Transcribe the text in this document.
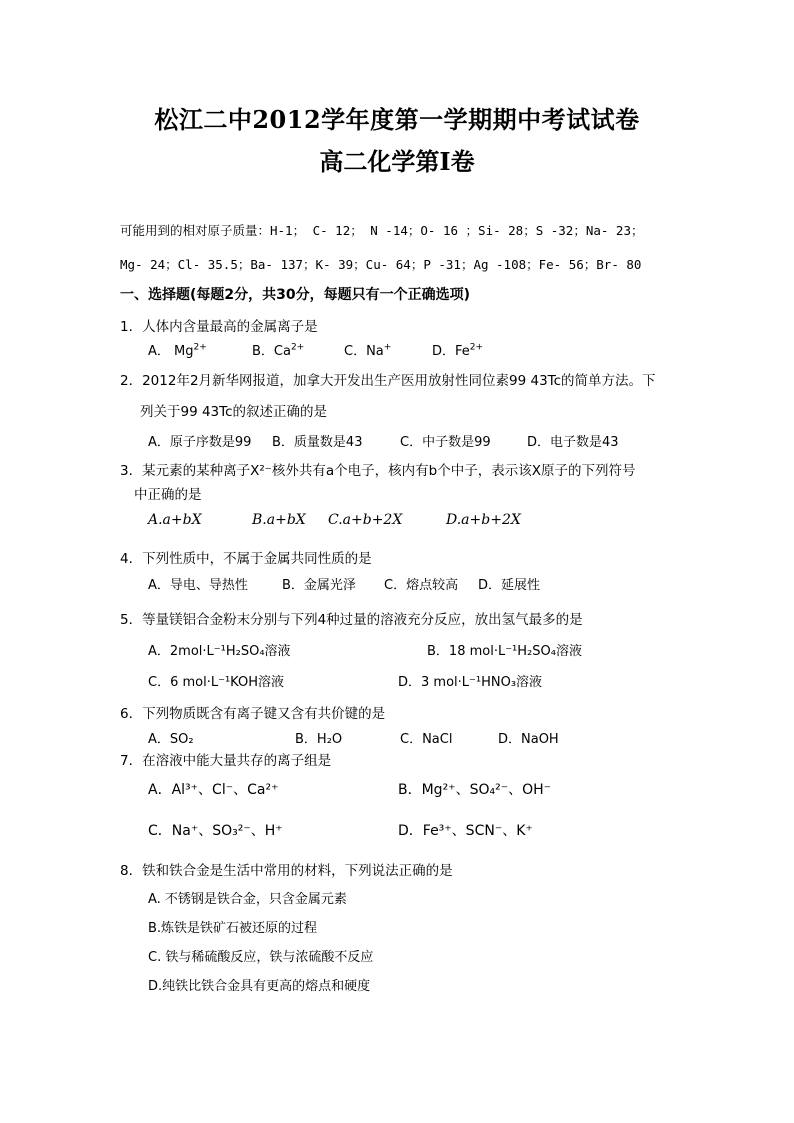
松江二中2012学年度第一学期期中考试试卷
高二化学第Ⅰ卷
可能用到的相对原子质量：H-1； C- 12； N -14；O- 16 ；Si- 28；S -32；Na- 23；
Mg- 24；Cl- 35.5；Ba- 137；K- 39；Cu- 64；P -31；Ag -108；Fe- 56；Br- 80
一、选择题(每题2分，共30分，每题只有一个正确选项)
1．人体内含量最高的金属离子是
A． $Mg^{2+}$	B．$Ca^{2+}$	C．Na+	D．$Fe^{2+}$
2．2012年2月新华网报道，加拿大开发出生产医用放射性同位素99 43Tc的简单方法。下
列关于99 43Tc的叙述正确的是
A．原子序数是99 B．质量数是43	C．中子数是99	D．电子数是43
3．某元素的某种离子X²⁻核外共有a个电子，核内有b个中子，表示该X原子的下列符号
中正确的是
A.a+bX	B.a+bX C.a+b+2X	D.a+b+2X
4．下列性质中，不属于金属共同性质的是
A．导电、导热性	B．金属光泽 C．熔点较高 D．延展性
5．等量镁铝合金粉末分别与下列4种过量的溶液充分反应，放出氢气最多的是
A．2mol·L⁻¹H₂SO₄溶液	B．18 mol·L⁻¹H₂SO₄溶液
C．6 mol·L⁻¹KOH溶液	D．3 mol·L⁻¹HNO₃溶液
6．下列物质既含有离子键又含有共价键的是
A．SO₂	B．H₂O	C．NaCl	D．NaOH
7．在溶液中能大量共存的离子组是
A．Al³⁺、Cl⁻、Ca²⁺	B．Mg²⁺、SO₄²⁻、OH⁻
C．Na⁺、SO₃²⁻、H⁺	D．Fe³⁺、SCN⁻、K⁺
8．铁和铁合金是生活中常用的材料，下列说法正确的是
A. 不锈钢是铁合金，只含金属元素
B.炼铁是铁矿石被还原的过程
C. 铁与稀硫酸反应，铁与浓硫酸不反应
D.纯铁比铁合金具有更高的熔点和硬度
